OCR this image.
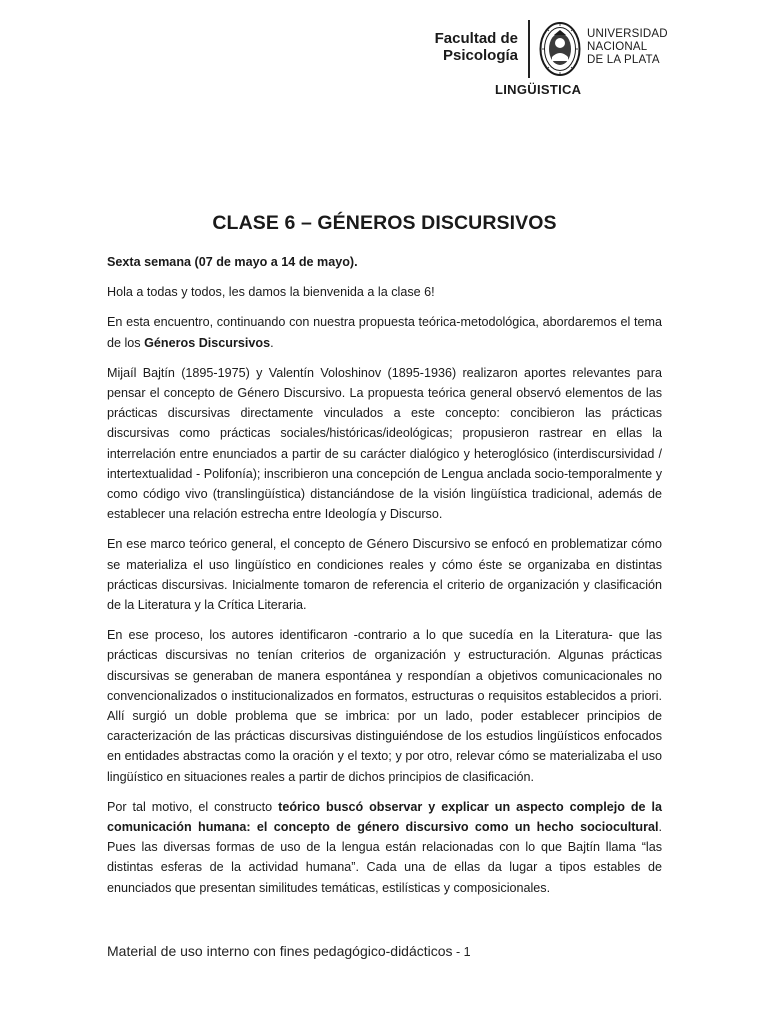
Facultad de
Psicología
UNIVERSIDAD
NACIONAL
DE LA PLATA
LINGÜISTICA
CLASE 6 – GÉNEROS DISCURSIVOS

Sexta semana (07 de mayo a 14 de mayo).

Hola a todas y todos, les damos la bienvenida a la clase 6!

En esta encuentro, continuando con nuestra propuesta teórica-metodológica, abordaremos el tema de los Géneros Discursivos.

Mijaíl Bajtín (1895-1975) y Valentín Voloshinov (1895-1936) realizaron aportes relevantes para pensar el concepto de Género Discursivo. La propuesta teórica general observó elementos de las prácticas discursivas directamente vinculados a este concepto: concibieron las prácticas discursivas como prácticas sociales/históricas/ideológicas; propusieron rastrear en ellas la interrelación entre enunciados a partir de su carácter dialógico y heteroglósico (interdiscursividad / intertextualidad - Polifonía); inscribieron una concepción de Lengua anclada socio-temporalmente y como código vivo (translingüística) distanciándose de la visión lingüística tradicional, además de establecer una relación estrecha entre Ideología y Discurso.

En ese marco teórico general, el concepto de Género Discursivo se enfocó en problematizar cómo se materializa el uso lingüístico en condiciones reales y cómo éste se organizaba en distintas prácticas discursivas. Inicialmente tomaron de referencia el criterio de organización y clasificación de la Literatura y la Crítica Literaria.

En ese proceso, los autores identificaron -contrario a lo que sucedía en la Literatura- que las prácticas discursivas no tenían criterios de organización y estructuración. Algunas prácticas discursivas se generaban de manera espontánea y respondían a objetivos comunicacionales no convencionalizados o institucionalizados en formatos, estructuras o requisitos establecidos a priori. Allí surgió un doble problema que se imbrica: por un lado, poder establecer principios de caracterización de las prácticas discursivas distinguiéndose de los estudios lingüísticos enfocados en entidades abstractas como la oración y el texto; y por otro, relevar cómo se materializaba el uso lingüístico en situaciones reales a partir de dichos principios de clasificación.

Por tal motivo, el constructo teórico buscó observar y explicar un aspecto complejo de la comunicación humana: el concepto de género discursivo como un hecho sociocultural. Pues las diversas formas de uso de la lengua están relacionadas con lo que Bajtín llama “las distintas esferas de la actividad humana”. Cada una de ellas da lugar a tipos estables de enunciados que presentan similitudes temáticas, estilísticas y composicionales.

Material de uso interno con fines pedagógico-didácticos - 1
